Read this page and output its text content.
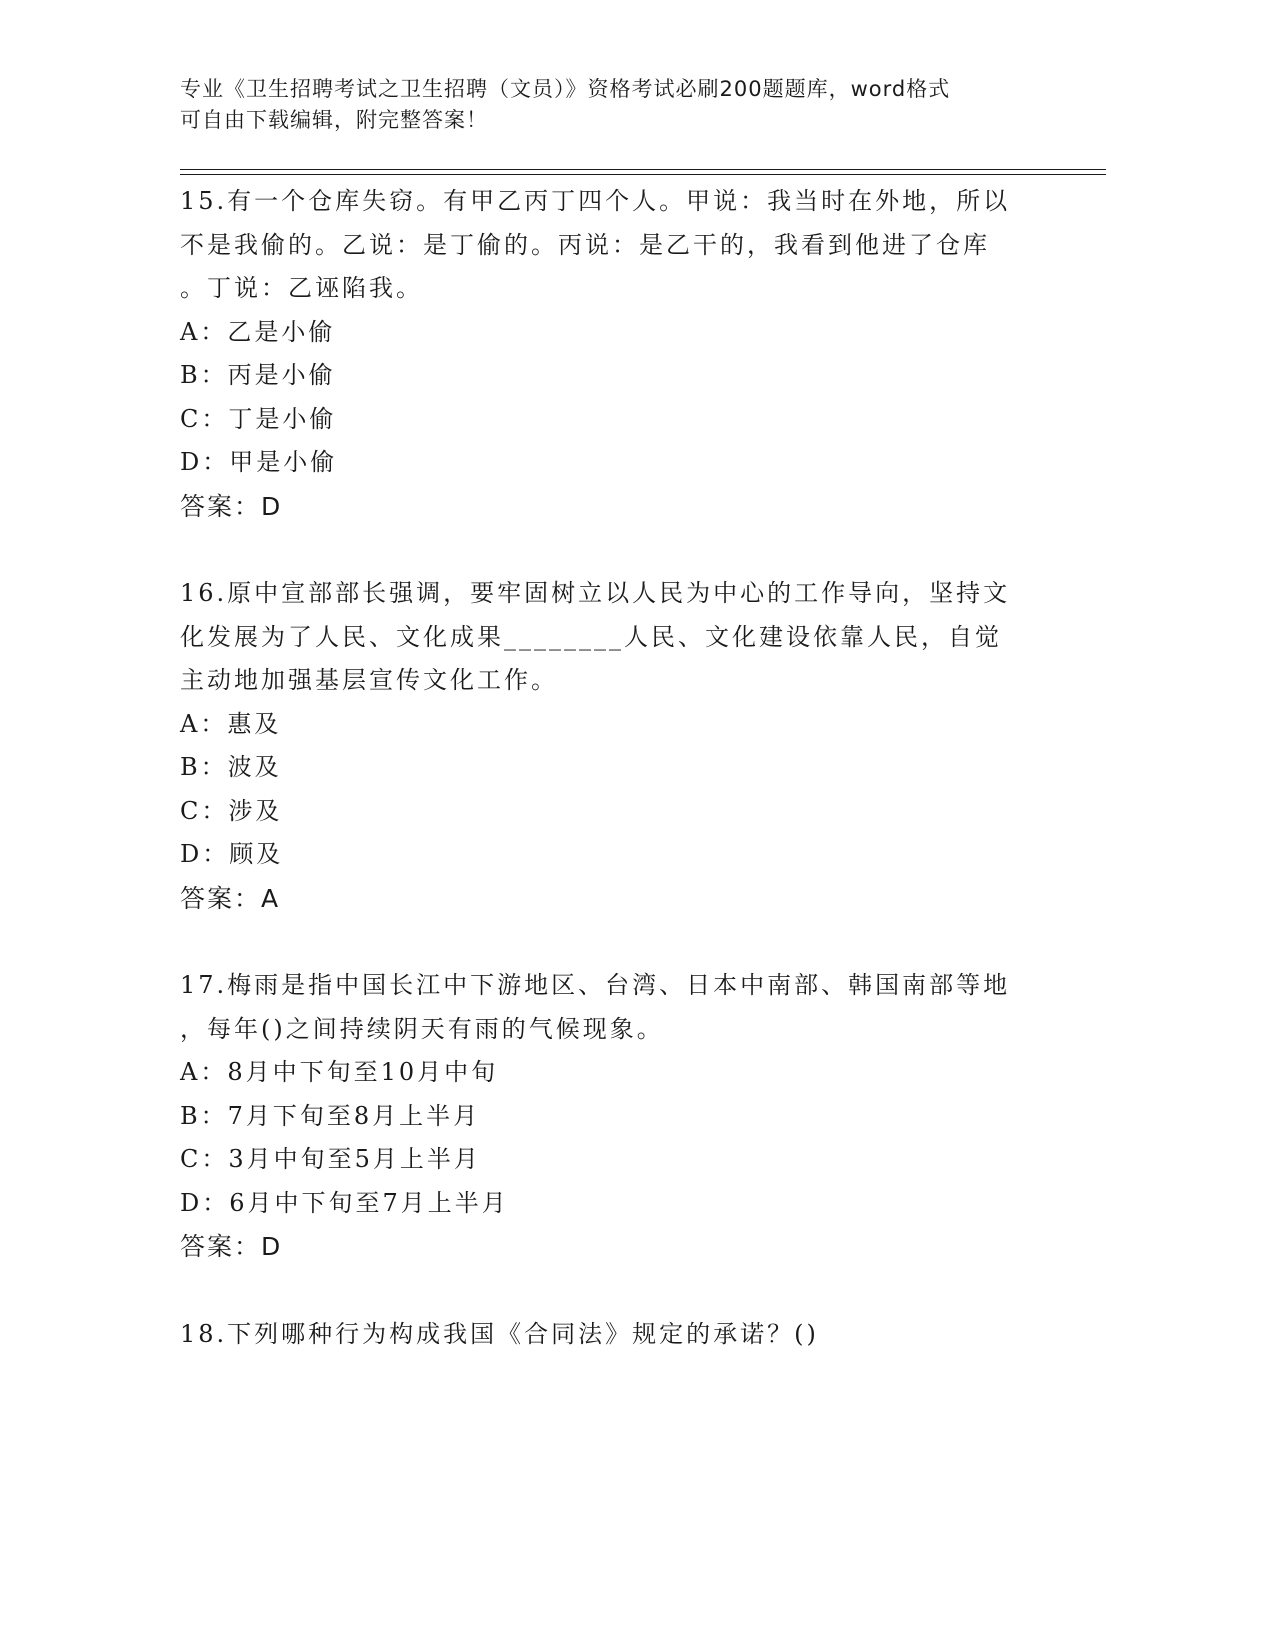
专业《卫生招聘考试之卫生招聘（文员）》资格考试必刷200题题库，word格式
可自由下载编辑，附完整答案！

15.有一个仓库失窃。有甲乙丙丁四个人。甲说：我当时在外地，所以

不是我偷的。乙说：是丁偷的。丙说：是乙干的，我看到他进了仓库

。丁说：乙诬陷我。

A：乙是小偷

B：丙是小偷

C：丁是小偷

D：甲是小偷

答案：D

16.原中宣部部长强调，要牢固树立以人民为中心的工作导向，坚持文

化发展为了人民、文化成果________人民、文化建设依靠人民，自觉

主动地加强基层宣传文化工作。

A：惠及

B：波及

C：涉及

D：顾及

答案：A

17.梅雨是指中国长江中下游地区、台湾、日本中南部、韩国南部等地

，每年()之间持续阴天有雨的气候现象。

A：8月中下旬至10月中旬

B：7月下旬至8月上半月

C：3月中旬至5月上半月

D：6月中下旬至7月上半月

答案：D

18.下列哪种行为构成我国《合同法》规定的承诺？()
